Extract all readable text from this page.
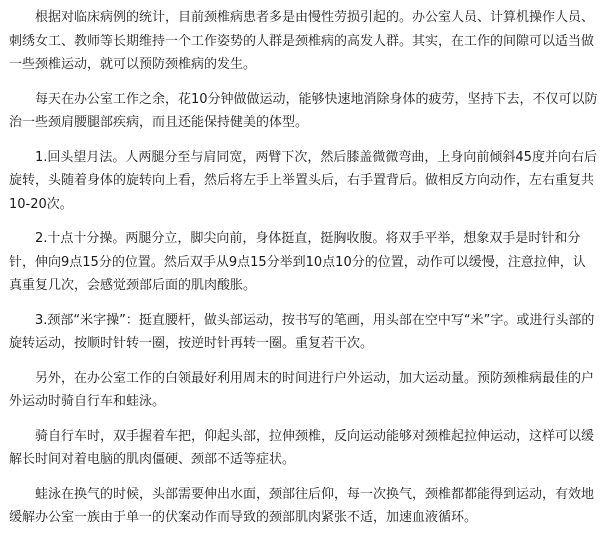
根据对临床病例的统计，目前颈椎病患者多是由慢性劳损引起的。办公室人员、计算机操作人员、刺绣女工、教师等长期维持一个工作姿势的人群是颈椎病的高发人群。其实，在工作的间隙可以适当做一些颈椎运动，就可以预防颈椎病的发生。

每天在办公室工作之余，花10分钟做做运动，能够快速地消除身体的疲劳，坚持下去，不仅可以防治一些颈肩腰腿部疾病，而且还能保持健美的体型。

1.回头望月法。人两腿分至与肩同宽，两臂下次，然后膝盖微微弯曲，上身向前倾斜45度并向右后旋转，头随着身体的旋转向上看，然后将左手上举置头后，右手置背后。做相反方向动作，左右重复共10-20次。

2.十点十分操。两腿分立，脚尖向前，身体挺直，挺胸收腹。将双手平举，想象双手是时针和分针，伸向9点15分的位置。然后双手从9点15分举到10点10分的位置，动作可以缓慢，注意拉伸，认真重复几次，会感觉颈部后面的肌肉酸胀。

3.颈部“米字操”：挺直腰杆，做头部运动，按书写的笔画，用头部在空中写“米”字。或进行头部的旋转运动，按顺时针转一圈，按逆时针再转一圈。重复若干次。

另外，在办公室工作的白领最好利用周末的时间进行户外运动，加大运动量。预防颈椎病最佳的户外运动时骑自行车和蛙泳。

骑自行车时，双手握着车把，仰起头部，拉伸颈椎，反向运动能够对颈椎起拉伸运动，这样可以缓解长时间对着电脑的肌肉僵硬、颈部不适等症状。

蛙泳在换气的时候，头部需要伸出水面，颈部往后仰，每一次换气，颈椎都都能得到运动，有效地缓解办公室一族由于单一的伏案动作而导致的颈部肌肉紧张不适，加速血液循环。
